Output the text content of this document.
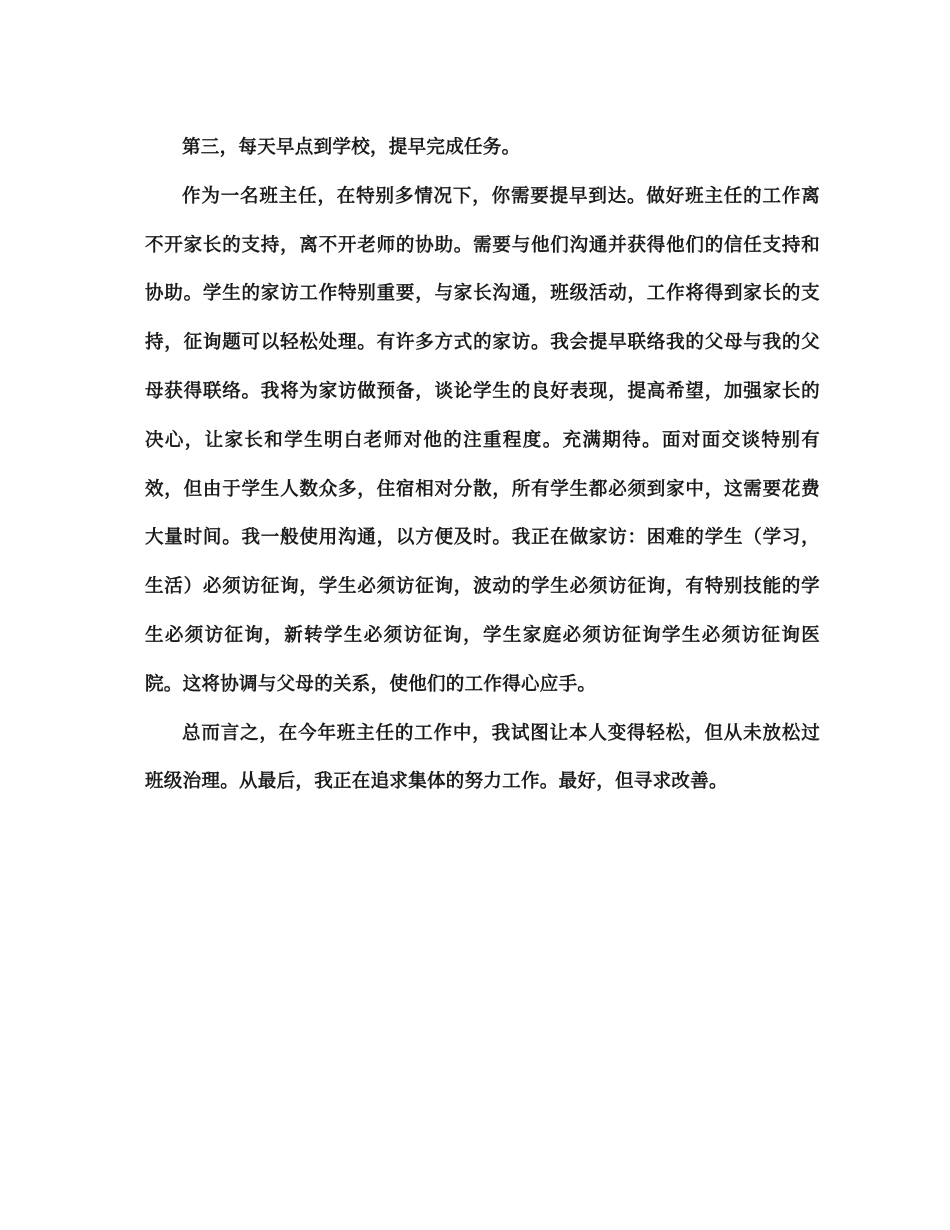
第三，每天早点到学校，提早完成任务。

作为一名班主任，在特别多情况下，你需要提早到达。做好班主任的工作离不开家长的支持，离不开老师的协助。需要与他们沟通并获得他们的信任支持和协助。学生的家访工作特别重要，与家长沟通，班级活动，工作将得到家长的支持，征询题可以轻松处理。有许多方式的家访。我会提早联络我的父母与我的父母获得联络。我将为家访做预备，谈论学生的良好表现，提高希望，加强家长的决心，让家长和学生明白老师对他的注重程度。充满期待。面对面交谈特别有效，但由于学生人数众多，住宿相对分散，所有学生都必须到家中，这需要花费大量时间。我一般使用沟通，以方便及时。我正在做家访：困难的学生（学习，生活）必须访征询，学生必须访征询，波动的学生必须访征询，有特别技能的学生必须访征询，新转学生必须访征询，学生家庭必须访征询学生必须访征询医院。这将协调与父母的关系，使他们的工作得心应手。

总而言之，在今年班主任的工作中，我试图让本人变得轻松，但从未放松过班级治理。从最后，我正在追求集体的努力工作。最好，但寻求改善。
